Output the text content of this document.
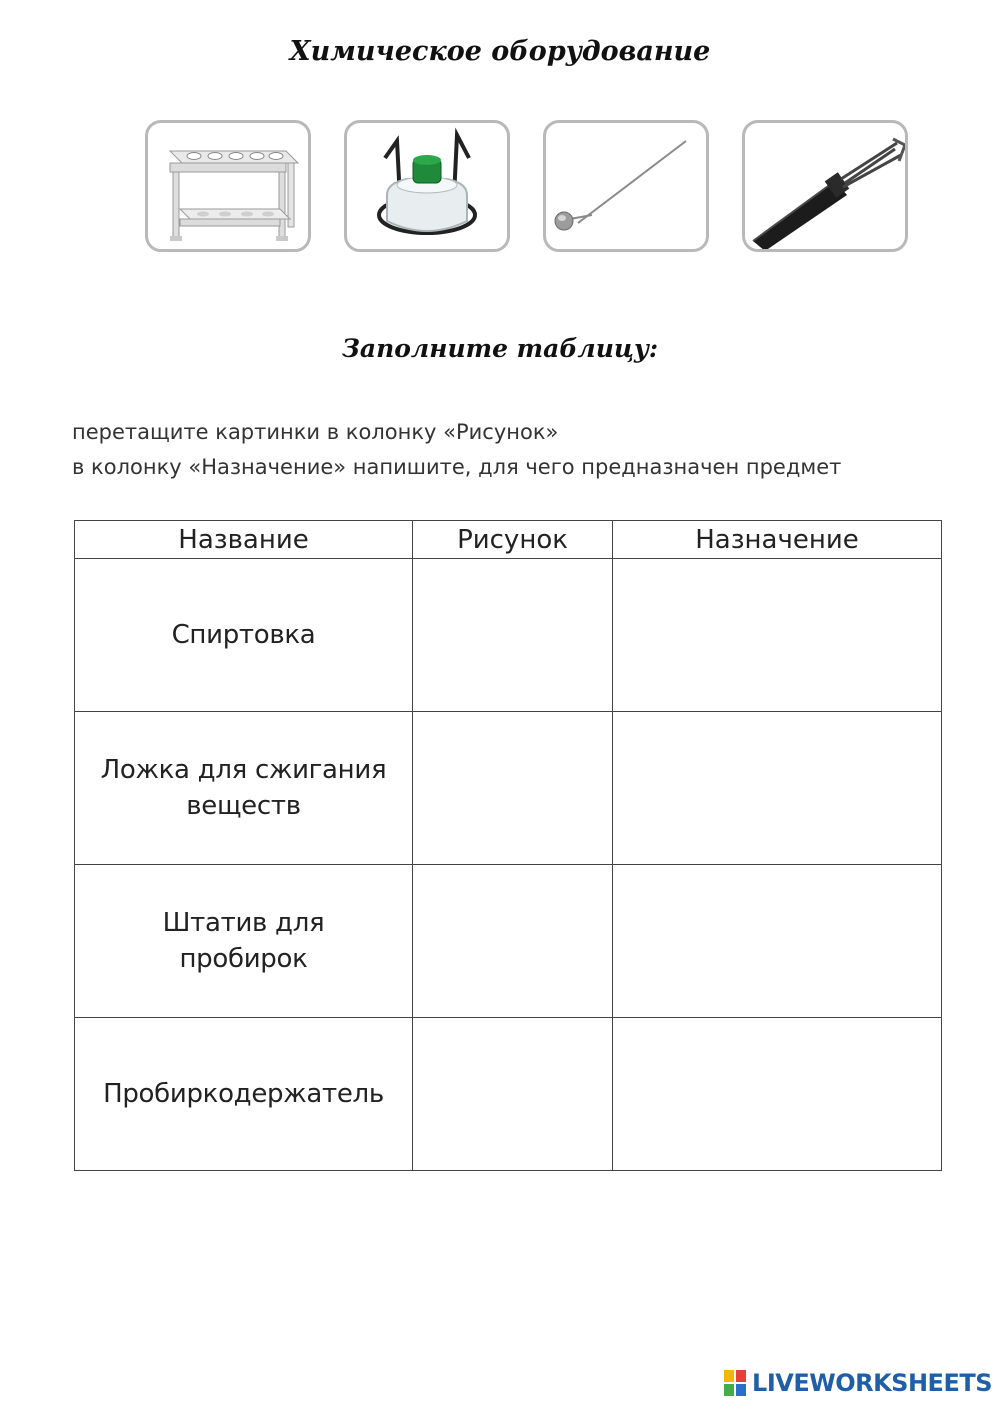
Химическое оборудование
Заполните таблицу:
перетащите картинки в колонку «Рисунок»
в колонку «Назначение» напишите, для чего предназначен предмет
Название	Рисунок	Назначение
Спиртовка		
Ложка для сжигания веществ		
Штатив для пробирок		
Пробиркодержатель		
LIVEWORKSHEETS
